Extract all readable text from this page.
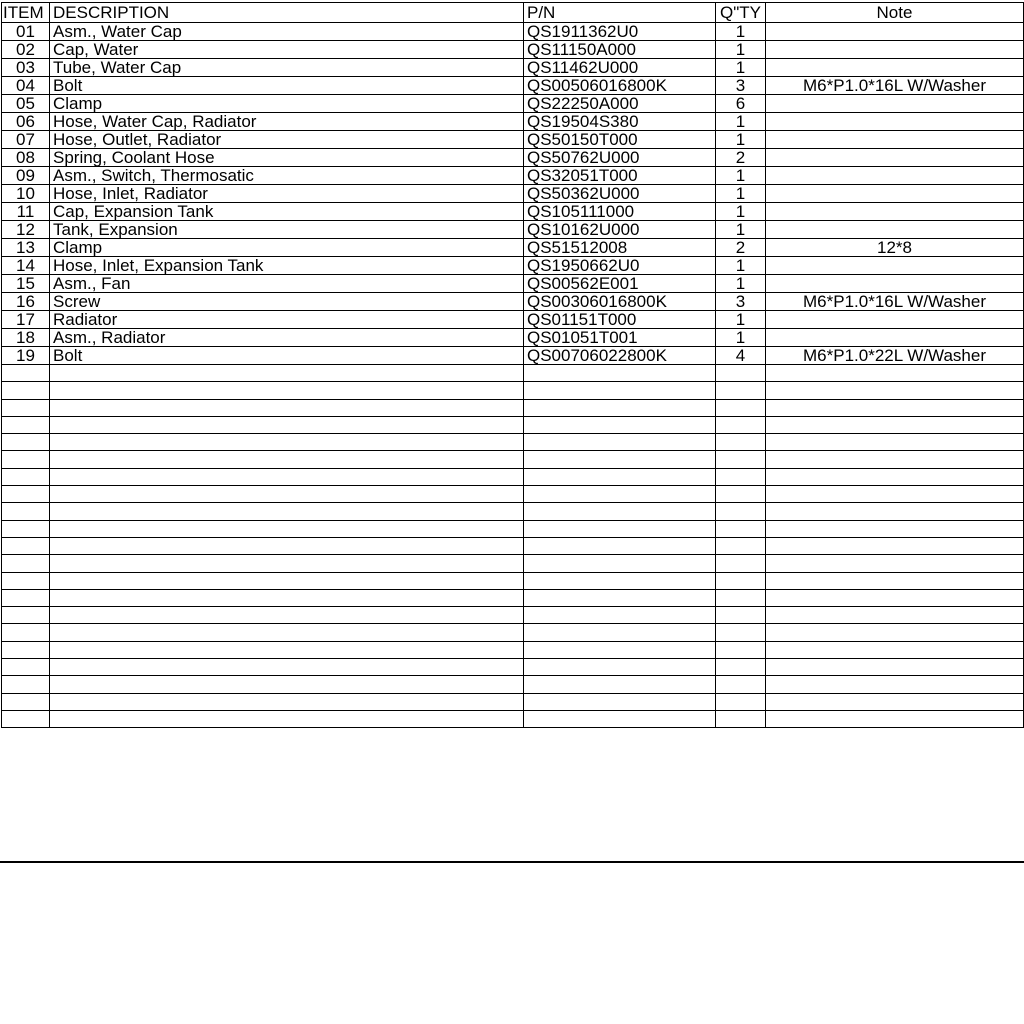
ITEM	DESCRIPTION	P/N	Q"TY	Note
01	Asm., Water Cap	QS1911362U0	1	
02	Cap, Water	QS11150A000	1	
03	Tube, Water Cap	QS11462U000	1	
04	Bolt	QS00506016800K	3	M6*P1.0*16L W/Washer
05	Clamp	QS22250A000	6	
06	Hose, Water Cap, Radiator	QS19504S380	1	
07	Hose, Outlet, Radiator	QS50150T000	1	
08	Spring, Coolant Hose	QS50762U000	2	
09	Asm., Switch, Thermosatic	QS32051T000	1	
10	Hose, Inlet, Radiator	QS50362U000	1	
11	Cap, Expansion Tank	QS105111000	1	
12	Tank, Expansion	QS10162U000	1	
13	Clamp	QS51512008	2	12*8
14	Hose, Inlet, Expansion Tank	QS1950662U0	1	
15	Asm., Fan	QS00562E001	1	
16	Screw	QS00306016800K	3	M6*P1.0*16L W/Washer
17	Radiator	QS01151T000	1	
18	Asm., Radiator	QS01051T001	1	
19	Bolt	QS00706022800K	4	M6*P1.0*22L W/Washer
